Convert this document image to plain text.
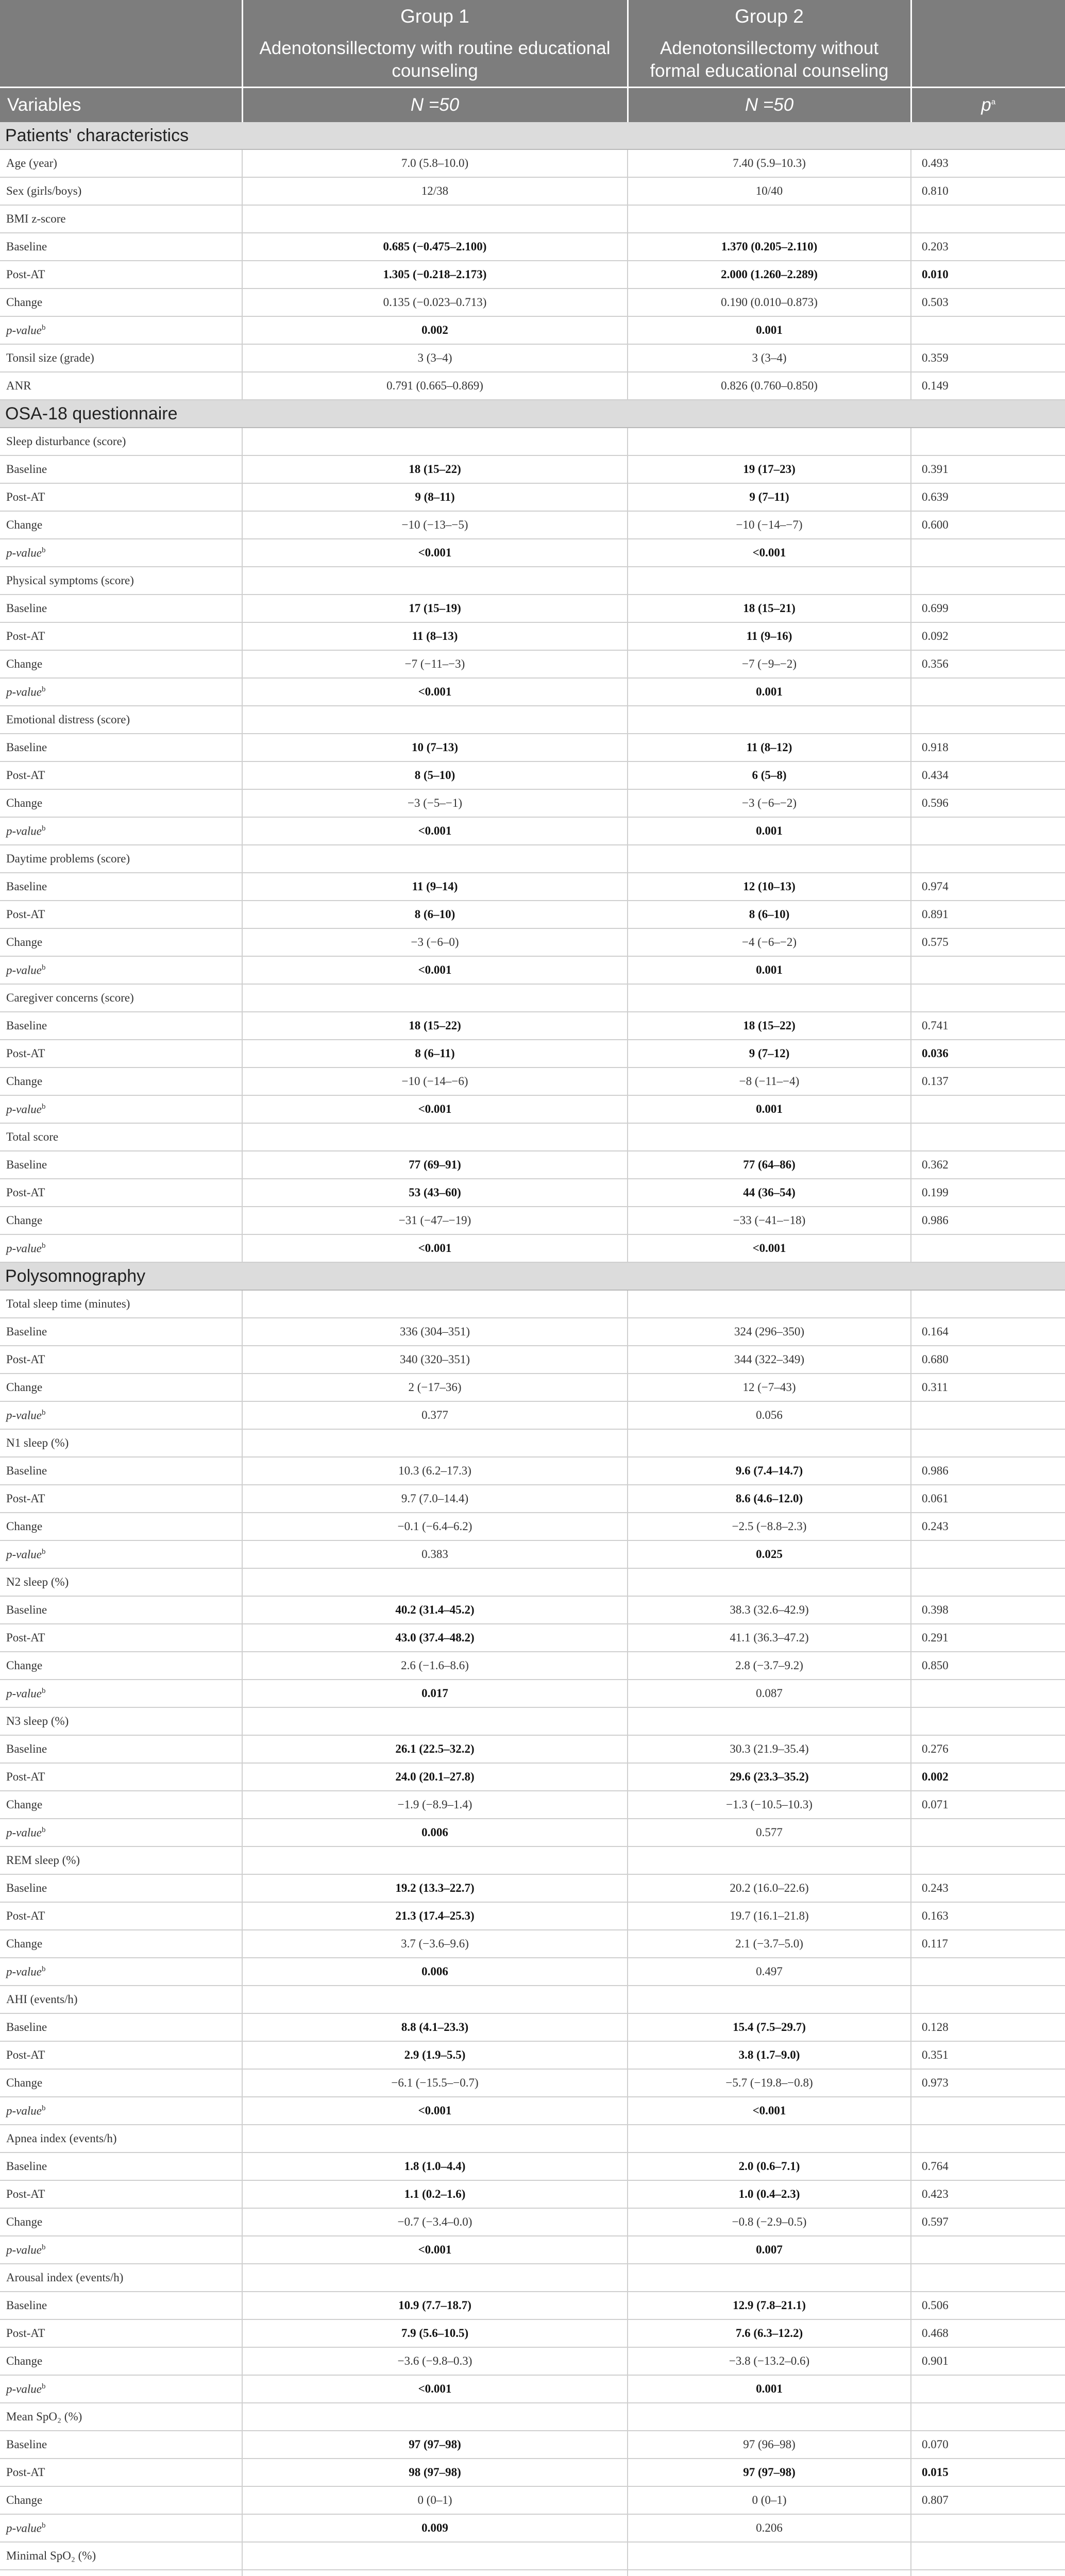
	Group 1	Group 2	
	Adenotonsillectomy with routine educational counseling	Adenotonsillectomy without formal educational counseling	
Variables	N =50	N =50	$p^a$
Patients' characteristics			
Age (year)	7.0 (5.8–10.0)	7.40 (5.9–10.3)	0.493
Sex (girls/boys)	12/38	10/40	0.810
BMI z-score			
Baseline	0.685 (−0.475–2.100)	1.370 (0.205–2.110)	0.203
Post-AT	1.305 (−0.218–2.173)	2.000 (1.260–2.289)	0.010
Change	0.135 (−0.023–0.713)	0.190 (0.010–0.873)	0.503
p-value$^b$	0.002	0.001	
Tonsil size (grade)	3 (3–4)	3 (3–4)	0.359
ANR	0.791 (0.665–0.869)	0.826 (0.760–0.850)	0.149
OSA-18 questionnaire			
Sleep disturbance (score)			
Baseline	18 (15–22)	19 (17–23)	0.391
Post-AT	9 (8–11)	9 (7–11)	0.639
Change	−10 (−13–−5)	−10 (−14–−7)	0.600
p-value$^b$	<0.001	<0.001	
Physical symptoms (score)			
Baseline	17 (15–19)	18 (15–21)	0.699
Post-AT	11 (8–13)	11 (9–16)	0.092
Change	−7 (−11–−3)	−7 (−9–−2)	0.356
p-value$^b$	<0.001	0.001	
Emotional distress (score)			
Baseline	10 (7–13)	11 (8–12)	0.918
Post-AT	8 (5–10)	6 (5–8)	0.434
Change	−3 (−5–−1)	−3 (−6–−2)	0.596
p-value$^b$	<0.001	0.001	
Daytime problems (score)			
Baseline	11 (9–14)	12 (10–13)	0.974
Post-AT	8 (6–10)	8 (6–10)	0.891
Change	−3 (−6–0)	−4 (−6–−2)	0.575
p-value$^b$	<0.001	0.001	
Caregiver concerns (score)			
Baseline	18 (15–22)	18 (15–22)	0.741
Post-AT	8 (6–11)	9 (7–12)	0.036
Change	−10 (−14–−6)	−8 (−11–−4)	0.137
p-value$^b$	<0.001	0.001	
Total score			
Baseline	77 (69–91)	77 (64–86)	0.362
Post-AT	53 (43–60)	44 (36–54)	0.199
Change	−31 (−47–−19)	−33 (−41–−18)	0.986
p-value$^b$	<0.001	<0.001	
Polysomnography			
Total sleep time (minutes)			
Baseline	336 (304–351)	324 (296–350)	0.164
Post-AT	340 (320–351)	344 (322–349)	0.680
Change	2 (−17–36)	12 (−7–43)	0.311
p-value$^b$	0.377	0.056	
N1 sleep (%)			
Baseline	10.3 (6.2–17.3)	9.6 (7.4–14.7)	0.986
Post-AT	9.7 (7.0–14.4)	8.6 (4.6–12.0)	0.061
Change	−0.1 (−6.4–6.2)	−2.5 (−8.8–2.3)	0.243
p-value$^b$	0.383	0.025	
N2 sleep (%)			
Baseline	40.2 (31.4–45.2)	38.3 (32.6–42.9)	0.398
Post-AT	43.0 (37.4–48.2)	41.1 (36.3–47.2)	0.291
Change	2.6 (−1.6–8.6)	2.8 (−3.7–9.2)	0.850
p-value$^b$	0.017	0.087	
N3 sleep (%)			
Baseline	26.1 (22.5–32.2)	30.3 (21.9–35.4)	0.276
Post-AT	24.0 (20.1–27.8)	29.6 (23.3–35.2)	0.002
Change	−1.9 (−8.9–1.4)	−1.3 (−10.5–10.3)	0.071
p-value$^b$	0.006	0.577	
REM sleep (%)			
Baseline	19.2 (13.3–22.7)	20.2 (16.0–22.6)	0.243
Post-AT	21.3 (17.4–25.3)	19.7 (16.1–21.8)	0.163
Change	3.7 (−3.6–9.6)	2.1 (−3.7–5.0)	0.117
p-value$^b$	0.006	0.497	
AHI (events/h)			
Baseline	8.8 (4.1–23.3)	15.4 (7.5–29.7)	0.128
Post-AT	2.9 (1.9–5.5)	3.8 (1.7–9.0)	0.351
Change	−6.1 (−15.5–−0.7)	−5.7 (−19.8–−0.8)	0.973
p-value$^b$	<0.001	<0.001	
Apnea index (events/h)			
Baseline	1.8 (1.0–4.4)	2.0 (0.6–7.1)	0.764
Post-AT	1.1 (0.2–1.6)	1.0 (0.4–2.3)	0.423
Change	−0.7 (−3.4–0.0)	−0.8 (−2.9–0.5)	0.597
p-value$^b$	<0.001	0.007	
Arousal index (events/h)			
Baseline	10.9 (7.7–18.7)	12.9 (7.8–21.1)	0.506
Post-AT	7.9 (5.6–10.5)	7.6 (6.3–12.2)	0.468
Change	−3.6 (−9.8–0.3)	−3.8 (−13.2–0.6)	0.901
p-value$^b$	<0.001	0.001	
Mean SpO₂ (%)			
Baseline	97 (97–98)	97 (96–98)	0.070
Post-AT	98 (97–98)	97 (97–98)	0.015
Change	0 (0–1)	0 (0–1)	0.807
p-value$^b$	0.009	0.206	
Minimal SpO₂ (%)			
